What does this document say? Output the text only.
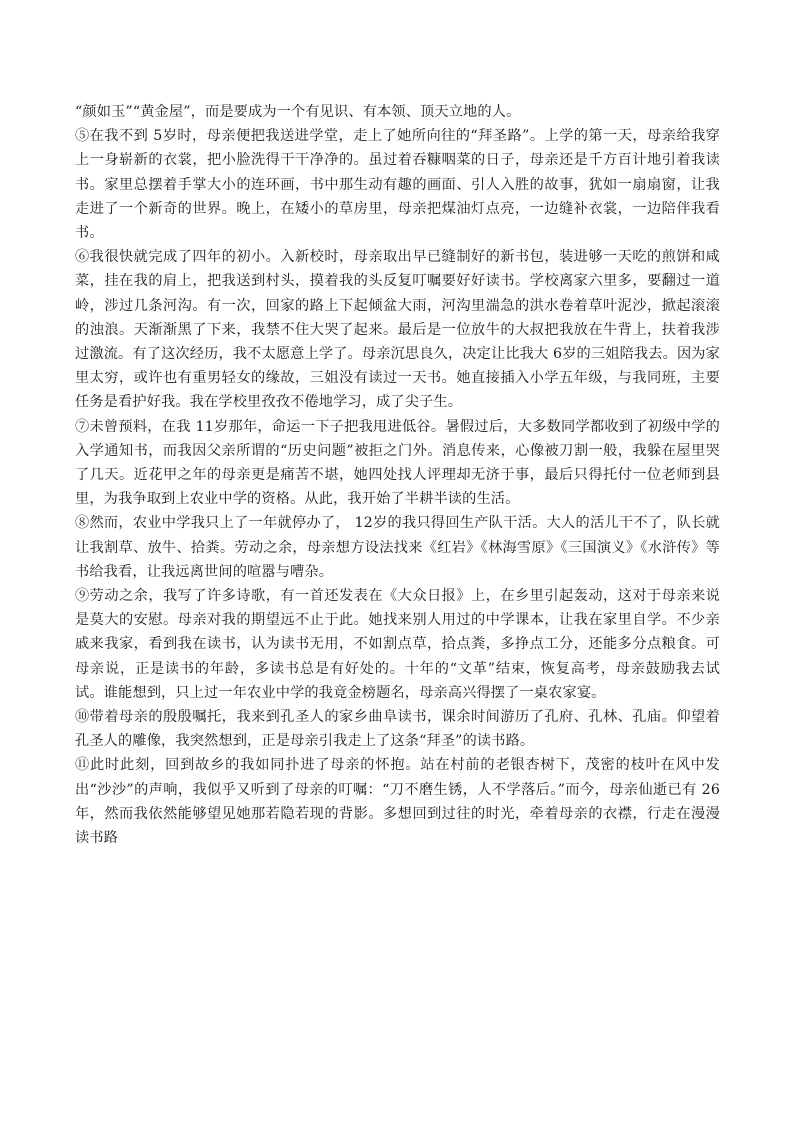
“颜如玉”“黄金屋”，而是要成为一个有见识、有本领、顶天立地的人。

⑤在我不到 5岁时，母亲便把我送进学堂，走上了她所向往的“拜圣路”。上学的第一天，母亲给我穿上一身崭新的衣裳，把小脸洗得干干净净的。虽过着吞糠咽菜的日子，母亲还是千方百计地引着我读书。家里总摆着手掌大小的连环画，书中那生动有趣的画面、引人入胜的故事，犹如一扇扇窗，让我走进了一个新奇的世界。晚上，在矮小的草房里，母亲把煤油灯点亮，一边缝补衣裳，一边陪伴我看书。

⑥我很快就完成了四年的初小。入新校时，母亲取出早已缝制好的新书包，装进够一天吃的煎饼和咸菜，挂在我的肩上，把我送到村头，摸着我的头反复叮嘱要好好读书。学校离家六里多，要翻过一道岭，涉过几条河沟。有一次，回家的路上下起倾盆大雨，河沟里湍急的洪水卷着草叶泥沙，掀起滚滚的浊浪。天渐渐黑了下来，我禁不住大哭了起来。最后是一位放牛的大叔把我放在牛背上，扶着我涉过激流。有了这次经历，我不太愿意上学了。母亲沉思良久，决定让比我大 6岁的三姐陪我去。因为家里太穷，或许也有重男轻女的缘故，三姐没有读过一天书。她直接插入小学五年级，与我同班，主要任务是看护好我。我在学校里孜孜不倦地学习，成了尖子生。

⑦未曾预料，在我 11岁那年，命运一下子把我甩进低谷。暑假过后，大多数同学都收到了初级中学的入学通知书，而我因父亲所谓的“历史问题”被拒之门外。消息传来，心像被刀割一般，我躲在屋里哭了几天。近花甲之年的母亲更是痛苦不堪，她四处找人评理却无济于事，最后只得托付一位老师到县里，为我争取到上农业中学的资格。从此，我开始了半耕半读的生活。

⑧然而，农业中学我只上了一年就停办了， 12岁的我只得回生产队干活。大人的活儿干不了，队长就让我割草、放牛、拾粪。劳动之余，母亲想方设法找来《红岩》《林海雪原》《三国演义》《水浒传》等书给我看，让我远离世间的喧嚣与嘈杂。

⑨劳动之余，我写了许多诗歌，有一首还发表在《大众日报》上，在乡里引起轰动，这对于母亲来说是莫大的安慰。母亲对我的期望远不止于此。她找来别人用过的中学课本，让我在家里自学。不少亲戚来我家，看到我在读书，认为读书无用，不如割点草，拾点粪，多挣点工分，还能多分点粮食。可母亲说，正是读书的年龄，多读书总是有好处的。十年的“文革”结束，恢复高考，母亲鼓励我去试试。谁能想到，只上过一年农业中学的我竟金榜题名，母亲高兴得摆了一桌农家宴。

⑩带着母亲的殷殷嘱托，我来到孔圣人的家乡曲阜读书，课余时间游历了孔府、孔林、孔庙。仰望着孔圣人的雕像，我突然想到，正是母亲引我走上了这条“拜圣”的读书路。

⑪此时此刻，回到故乡的我如同扑进了母亲的怀抱。站在村前的老银杏树下，茂密的枝叶在风中发出“沙沙”的声响，我似乎又听到了母亲的叮嘱：“刀不磨生锈，人不学落后。”而今，母亲仙逝已有 26年，然而我依然能够望见她那若隐若现的背影。多想回到过往的时光，牵着母亲的衣襟，行走在漫漫读书路
